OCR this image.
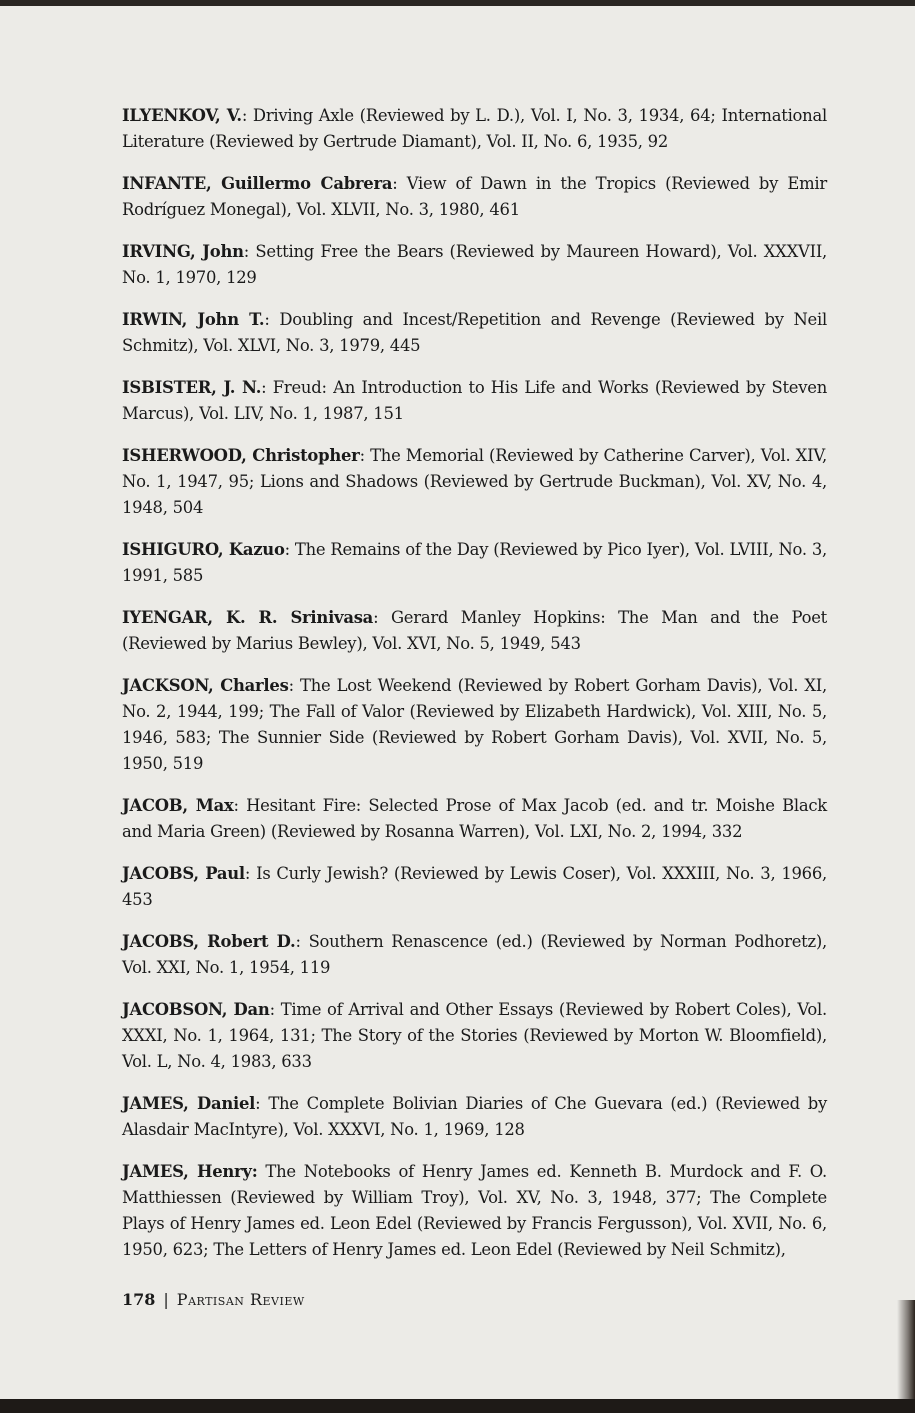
ILYENKOV, V.: Driving Axle (Reviewed by L. D.), Vol. I, No. 3, 1934, 64; International Literature (Reviewed by Gertrude Diamant), Vol. II, No. 6, 1935, 92
INFANTE, Guillermo Cabrera: View of Dawn in the Tropics (Reviewed by Emir Rodríguez Monegal), Vol. XLVII, No. 3, 1980, 461
IRVING, John: Setting Free the Bears (Reviewed by Maureen Howard), Vol. XXXVII, No. 1, 1970, 129
IRWIN, John T.: Doubling and Incest/Repetition and Revenge (Reviewed by Neil Schmitz), Vol. XLVI, No. 3, 1979, 445
ISBISTER, J. N.: Freud: An Introduction to His Life and Works (Reviewed by Steven Marcus), Vol. LIV, No. 1, 1987, 151
ISHERWOOD, Christopher: The Memorial (Reviewed by Catherine Carver), Vol. XIV, No. 1, 1947, 95; Lions and Shadows (Reviewed by Gertrude Buckman), Vol. XV, No. 4, 1948, 504
ISHIGURO, Kazuo: The Remains of the Day (Reviewed by Pico Iyer), Vol. LVIII, No. 3, 1991, 585
IYENGAR, K. R. Srinivasa: Gerard Manley Hopkins: The Man and the Poet (Reviewed by Marius Bewley), Vol. XVI, No. 5, 1949, 543
JACKSON, Charles: The Lost Weekend (Reviewed by Robert Gorham Davis), Vol. XI, No. 2, 1944, 199; The Fall of Valor (Reviewed by Elizabeth Hardwick), Vol. XIII, No. 5, 1946, 583; The Sunnier Side (Reviewed by Robert Gorham Davis), Vol. XVII, No. 5, 1950, 519
JACOB, Max: Hesitant Fire: Selected Prose of Max Jacob (ed. and tr. Moishe Black and Maria Green) (Reviewed by Rosanna Warren), Vol. LXI, No. 2, 1994, 332
JACOBS, Paul: Is Curly Jewish? (Reviewed by Lewis Coser), Vol. XXXIII, No. 3, 1966, 453
JACOBS, Robert D.: Southern Renascence (ed.) (Reviewed by Norman Podhoretz), Vol. XXI, No. 1, 1954, 119
JACOBSON, Dan: Time of Arrival and Other Essays (Reviewed by Robert Coles), Vol. XXXI, No. 1, 1964, 131; The Story of the Stories (Reviewed by Morton W. Bloomfield), Vol. L, No. 4, 1983, 633
JAMES, Daniel: The Complete Bolivian Diaries of Che Guevara (ed.) (Reviewed by Alasdair MacIntyre), Vol. XXXVI, No. 1, 1969, 128
JAMES, Henry: The Notebooks of Henry James ed. Kenneth B. Murdock and F. O. Matthiessen (Reviewed by William Troy), Vol. XV, No. 3, 1948, 377; The Complete Plays of Henry James ed. Leon Edel (Reviewed by Francis Fergusson), Vol. XVII, No. 6, 1950, 623; The Letters of Henry James ed. Leon Edel (Reviewed by Neil Schmitz),
178 | Partisan Review
